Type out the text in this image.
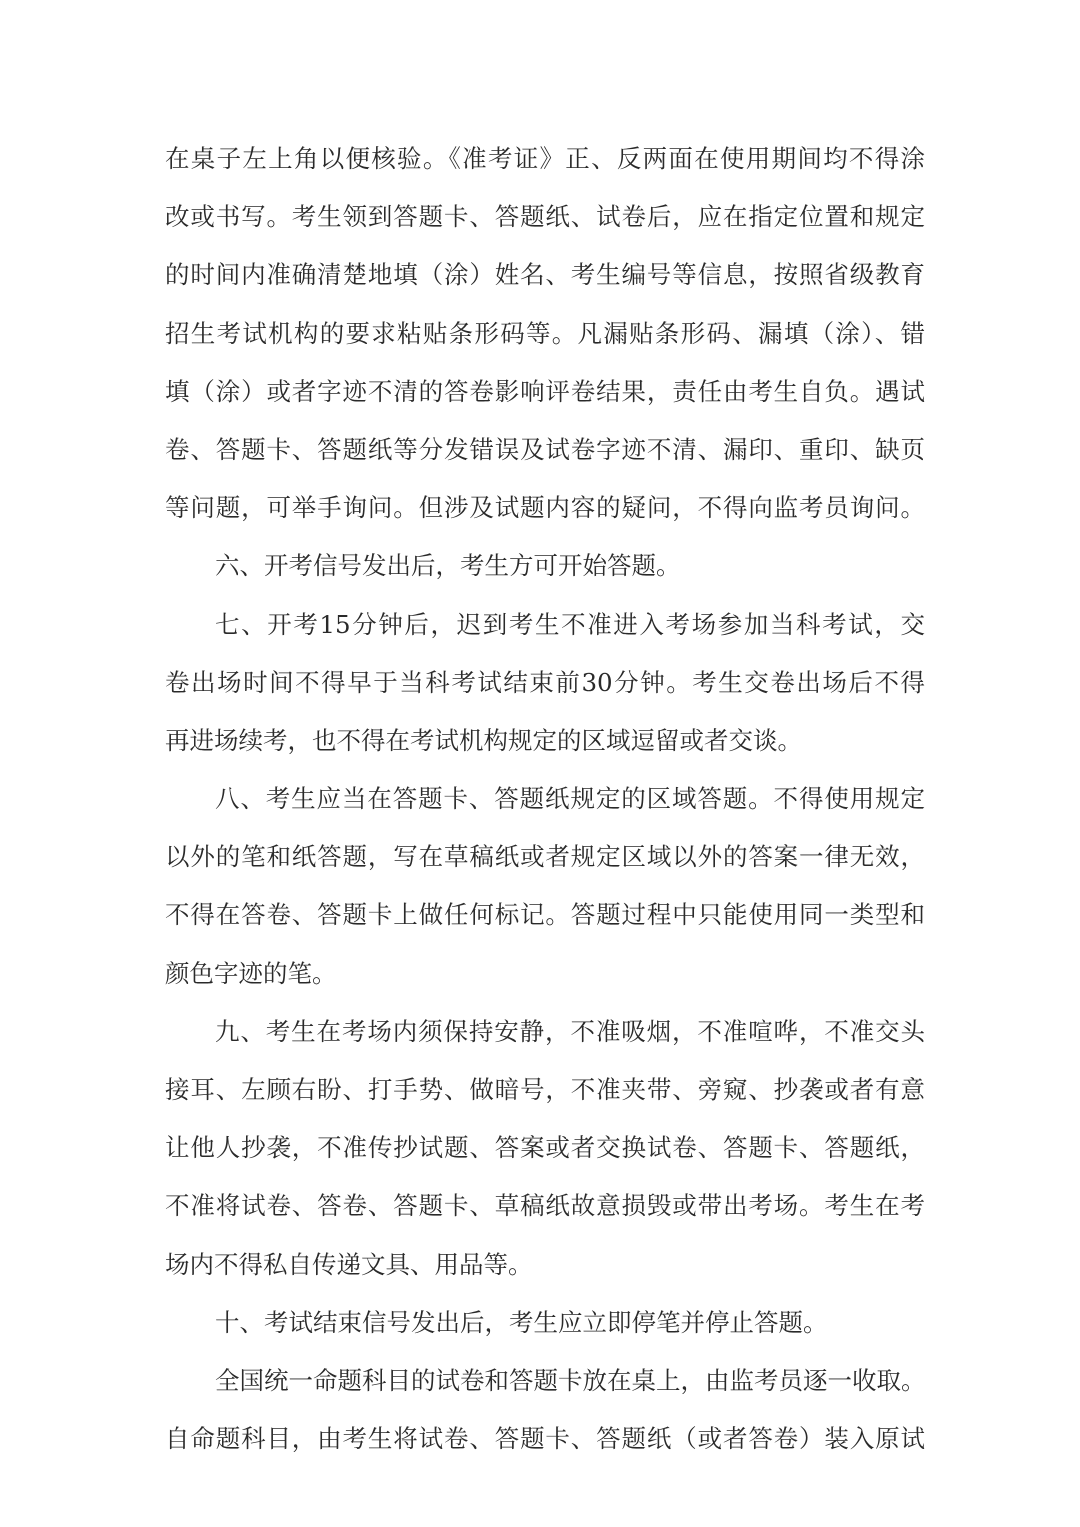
在桌子左上角以便核验。《准考证》正、反两面在使用期间均不得涂
改或书写。考生领到答题卡、答题纸、试卷后，应在指定位置和规定
的时间内准确清楚地填（涂）姓名、考生编号等信息，按照省级教育
招生考试机构的要求粘贴条形码等。凡漏贴条形码、漏填（涂）、错
填（涂）或者字迹不清的答卷影响评卷结果，责任由考生自负。遇试
卷、答题卡、答题纸等分发错误及试卷字迹不清、漏印、重印、缺页
等问题，可举手询问。但涉及试题内容的疑问，不得向监考员询问。
六、开考信号发出后，考生方可开始答题。
七、开考15分钟后，迟到考生不准进入考场参加当科考试，交
卷出场时间不得早于当科考试结束前30分钟。考生交卷出场后不得
再进场续考，也不得在考试机构规定的区域逗留或者交谈。
八、考生应当在答题卡、答题纸规定的区域答题。不得使用规定
以外的笔和纸答题，写在草稿纸或者规定区域以外的答案一律无效，
不得在答卷、答题卡上做任何标记。答题过程中只能使用同一类型和
颜色字迹的笔。
九、考生在考场内须保持安静，不准吸烟，不准喧哗，不准交头
接耳、左顾右盼、打手势、做暗号，不准夹带、旁窥、抄袭或者有意
让他人抄袭，不准传抄试题、答案或者交换试卷、答题卡、答题纸，
不准将试卷、答卷、答题卡、草稿纸故意损毁或带出考场。考生在考
场内不得私自传递文具、用品等。
十、考试结束信号发出后，考生应立即停笔并停止答题。
全国统一命题科目的试卷和答题卡放在桌上，由监考员逐一收取。
自命题科目，由考生将试卷、答题卡、答题纸（或者答卷）装入原试
